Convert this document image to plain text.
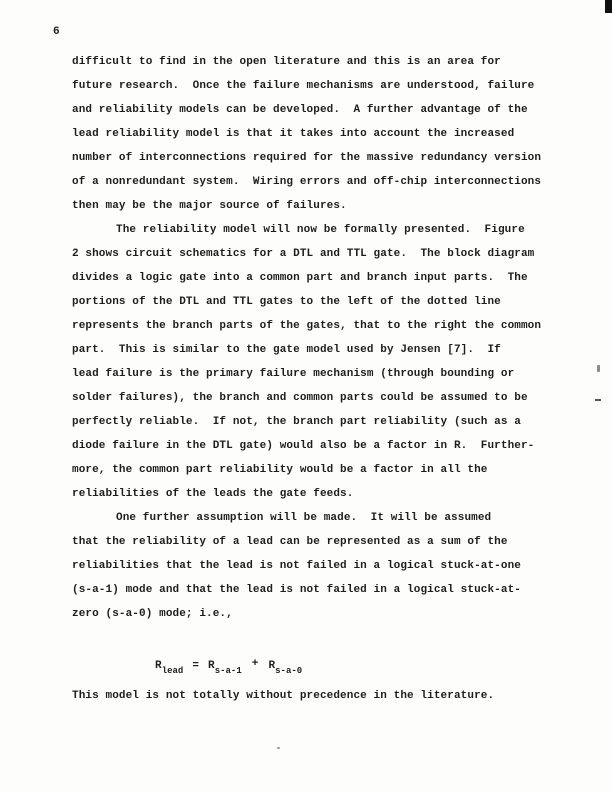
6
difficult to find in the open literature and this is an area for
future research.  Once the failure mechanisms are understood, failure
and reliability models can be developed.  A further advantage of the
lead reliability model is that it takes into account the increased
number of interconnections required for the massive redundancy version
of a nonredundant system.  Wiring errors and off-chip interconnections
then may be the major source of failures.
The reliability model will now be formally presented.  Figure
2 shows circuit schematics for a DTL and TTL gate.  The block diagram
divides a logic gate into a common part and branch input parts.  The
portions of the DTL and TTL gates to the left of the dotted line
represents the branch parts of the gates, that to the right the common
part.  This is similar to the gate model used by Jensen [7].  If
lead failure is the primary failure mechanism (through bounding or
solder failures), the branch and common parts could be assumed to be
perfectly reliable.  If not, the branch part reliability (such as a
diode failure in the DTL gate) would also be a factor in R.  Further-
more, the common part reliability would be a factor in all the
reliabilities of the leads the gate feeds.
One further assumption will be made.  It will be assumed
that the reliability of a lead can be represented as a sum of the
reliabilities that the lead is not failed in a logical stuck-at-one
(s-a-1) mode and that the lead is not failed in a logical stuck-at-
zero (s-a-0) mode; i.e.,
$R_{lead} = R_{s-a-1}+ R_{s-a-0}$
This model is not totally without precedence in the literature.
